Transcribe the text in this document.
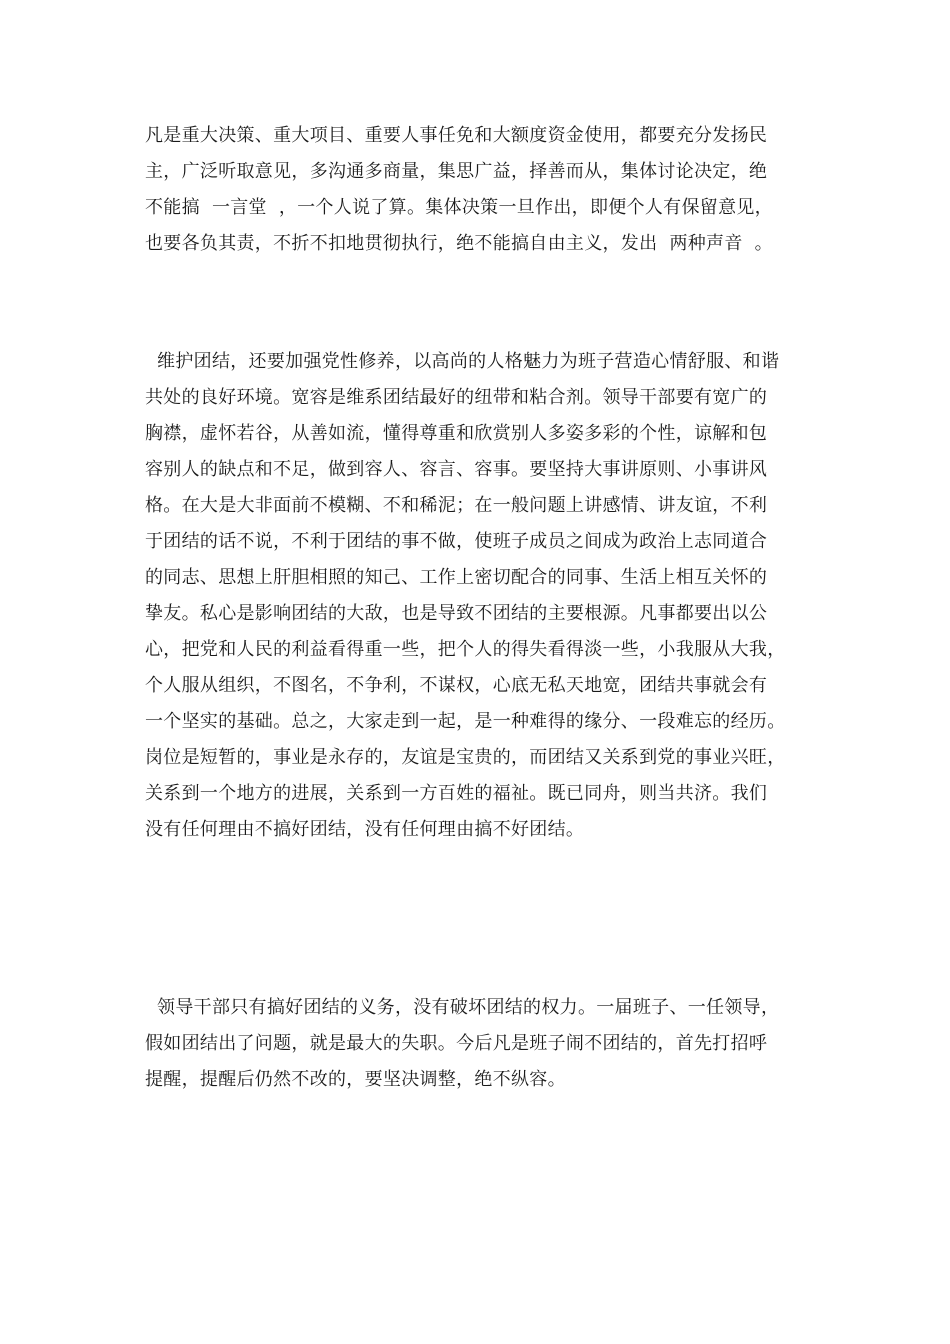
凡是重大决策、重大项目、重要人事任免和大额度资金使用，都要充分发扬民
主，广泛听取意见，多沟通多商量，集思广益，择善而从，集体讨论决定，绝
不能搞  一言堂  ，一个人说了算。集体决策一旦作出，即便个人有保留意见，
也要各负其责，不折不扣地贯彻执行，绝不能搞自由主义，发出  两种声音  。

维护团结，还要加强党性修养，以高尚的人格魅力为班子营造心情舒服、和谐
共处的良好环境。宽容是维系团结最好的纽带和粘合剂。领导干部要有宽广的
胸襟，虚怀若谷，从善如流，懂得尊重和欣赏别人多姿多彩的个性，谅解和包
容别人的缺点和不足，做到容人、容言、容事。要坚持大事讲原则、小事讲风
格。在大是大非面前不模糊、不和稀泥；在一般问题上讲感情、讲友谊，不利
于团结的话不说，不利于团结的事不做，使班子成员之间成为政治上志同道合
的同志、思想上肝胆相照的知己、工作上密切配合的同事、生活上相互关怀的
挚友。私心是影响团结的大敌，也是导致不团结的主要根源。凡事都要出以公
心，把党和人民的利益看得重一些，把个人的得失看得淡一些，小我服从大我，
个人服从组织，不图名，不争利，不谋权，心底无私天地宽，团结共事就会有
一个坚实的基础。总之，大家走到一起，是一种难得的缘分、一段难忘的经历。
岗位是短暂的，事业是永存的，友谊是宝贵的，而团结又关系到党的事业兴旺，
关系到一个地方的进展，关系到一方百姓的福祉。既已同舟，则当共济。我们
没有任何理由不搞好团结，没有任何理由搞不好团结。

领导干部只有搞好团结的义务，没有破坏团结的权力。一届班子、一任领导，
假如团结出了问题，就是最大的失职。今后凡是班子闹不团结的，首先打招呼
提醒，提醒后仍然不改的，要坚决调整，绝不纵容。
